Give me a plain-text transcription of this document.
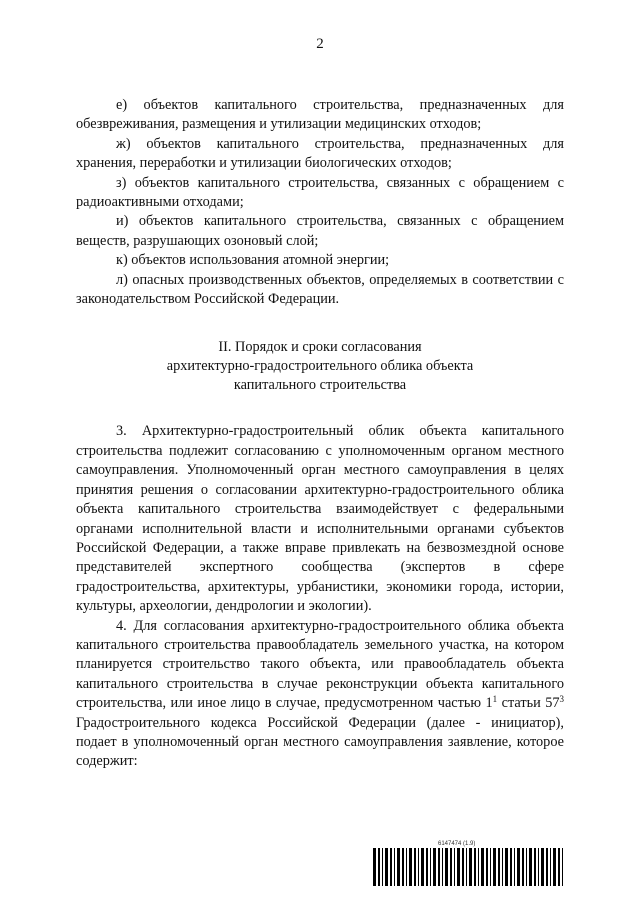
2

е) объектов капитального строительства, предназначенных для обезвреживания, размещения и утилизации медицинских отходов;

ж) объектов капитального строительства, предназначенных для хранения, переработки и утилизации биологических отходов;

з) объектов капитального строительства, связанных с обращением с радиоактивными отходами;

и) объектов капитального строительства, связанных с обращением веществ, разрушающих озоновый слой;

к) объектов использования атомной энергии;

л) опасных производственных объектов, определяемых в соответствии с законодательством Российской Федерации.

II. Порядок и сроки согласования
архитектурно-градостроительного облика объекта
капитального строительства

3. Архитектурно-градостроительный облик объекта капитального строительства подлежит согласованию с уполномоченным органом местного самоуправления. Уполномоченный орган местного самоуправления в целях принятия решения о согласовании архитектурно-градостроительного облика объекта капитального строительства взаимодействует с федеральными органами исполнительной власти и исполнительными органами субъектов Российской Федерации, а также вправе привлекать на безвозмездной основе представителей экспертного сообщества (экспертов в сфере градостроительства, архитектуры, урбанистики, экономики города, истории, культуры, археологии, дендрологии и экологии).

4. Для согласования архитектурно-градостроительного облика объекта капитального строительства правообладатель земельного участка, на котором планируется строительство такого объекта, или правообладатель объекта капитального строительства в случае реконструкции объекта капитального строительства, или иное лицо в случае, предусмотренном частью $1^1$ статьи $57^3$ Градостроительного кодекса Российской Федерации (далее - инициатор), подает в уполномоченный орган местного самоуправления заявление, которое содержит:

6147474 (1.9)
